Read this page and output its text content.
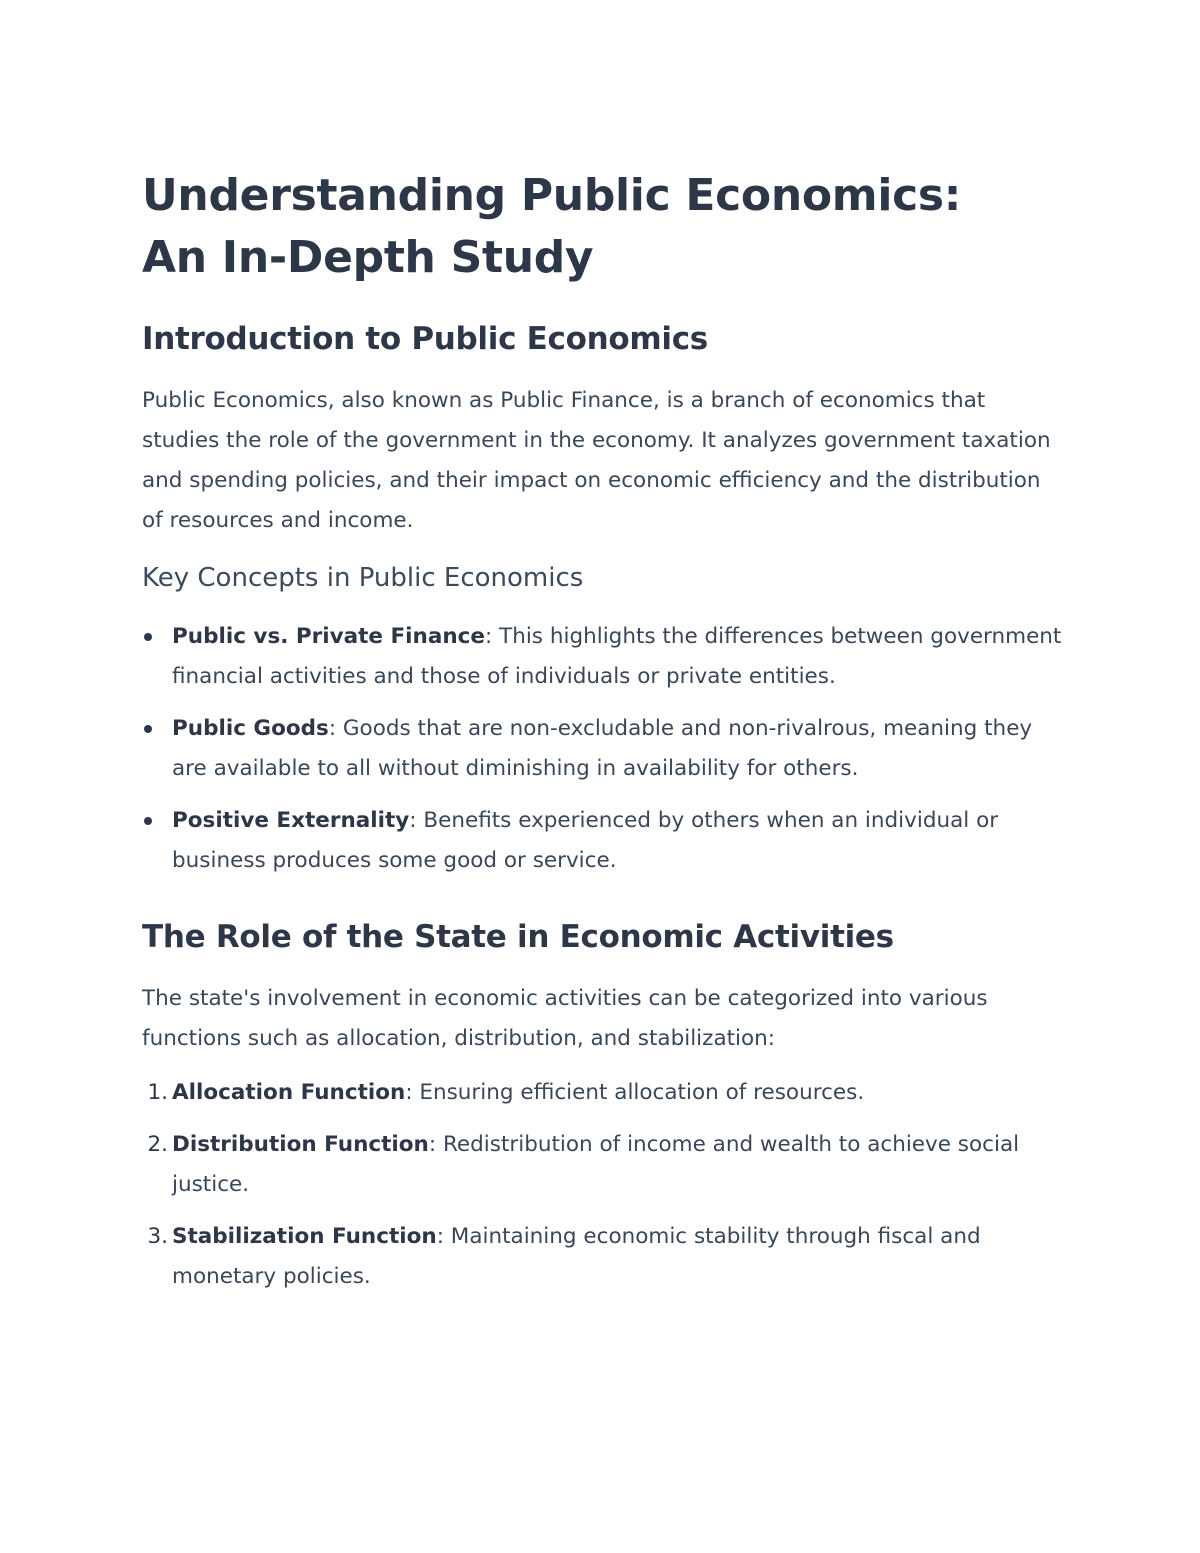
Understanding Public Economics: An In-Depth Study
Introduction to Public Economics

Public Economics, also known as Public Finance, is a branch of economics that studies the role of the government in the economy. It analyzes government taxation and spending policies, and their impact on economic efficiency and the distribution of resources and income.

Key Concepts in Public Economics
Public vs. Private Finance: This highlights the differences between government financial activities and those of individuals or private entities.
Public Goods: Goods that are non-excludable and non-rivalrous, meaning they are available to all without diminishing in availability for others.
Positive Externality: Benefits experienced by others when an individual or business produces some good or service.
The Role of the State in Economic Activities

The state's involvement in economic activities can be categorized into various functions such as allocation, distribution, and stabilization:

1. Allocation Function: Ensuring efficient allocation of resources.
2. Distribution Function: Redistribution of income and wealth to achieve social justice.
3. Stabilization Function: Maintaining economic stability through fiscal and monetary policies.
